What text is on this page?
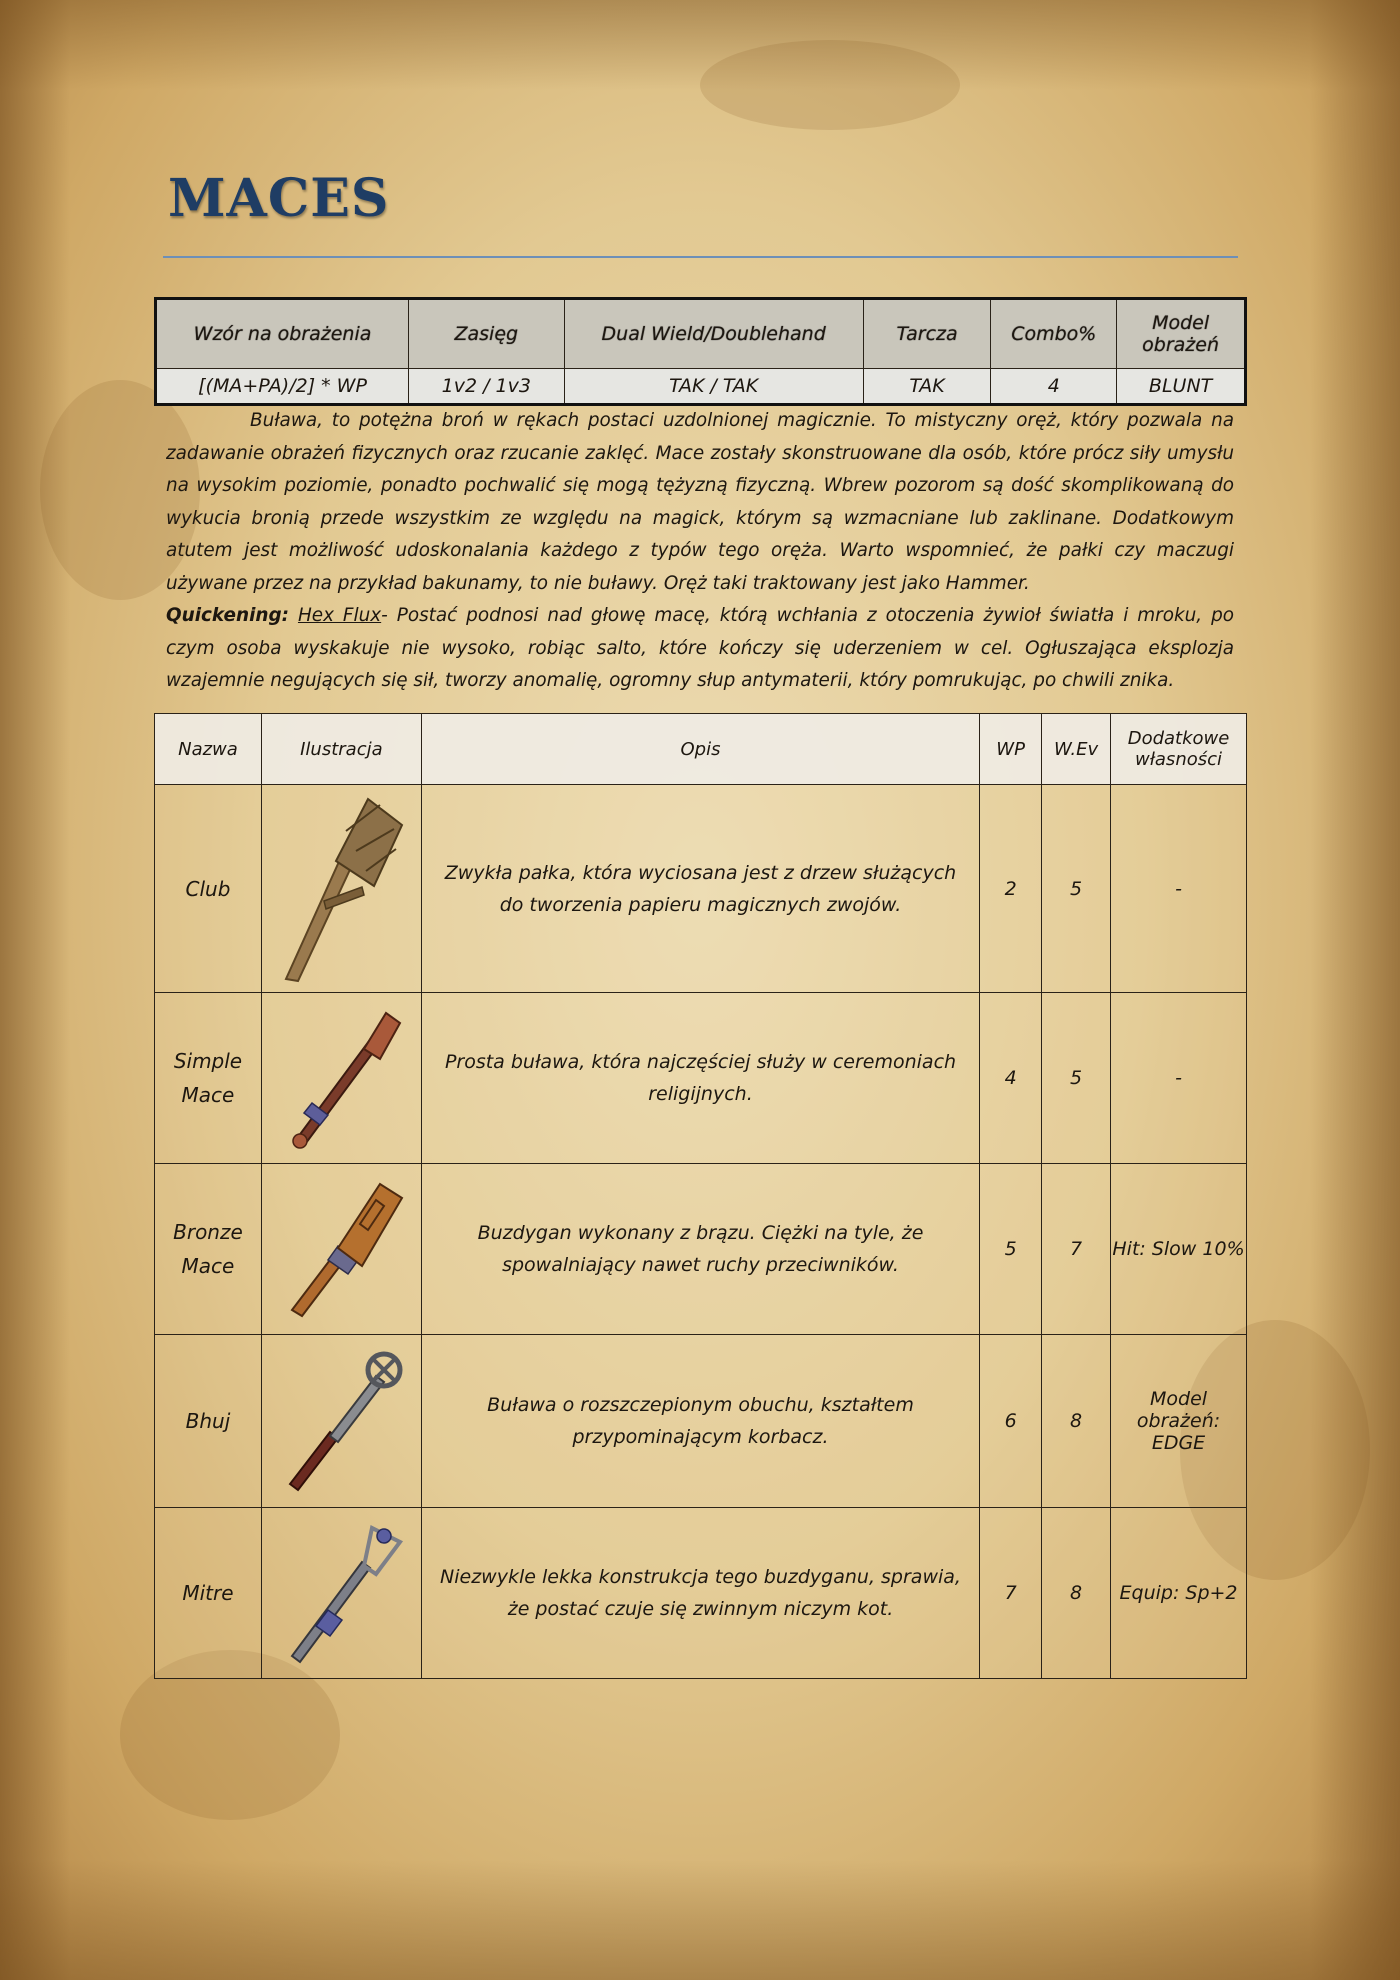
MACES
Wzór na obrażenia	Zasięg	Dual Wield/Doublehand	Tarcza	Combo%	Model obrażeń
[(MA+PA)/2] * WP	1v2 / 1v3	TAK / TAK	TAK	4	BLUNT

Buława, to potężna broń w rękach postaci uzdolnionej magicznie. To mistyczny oręż, który pozwala na zadawanie obrażeń fizycznych oraz rzucanie zaklęć. Mace zostały skonstruowane dla osób, które prócz siły umysłu na wysokim poziomie, ponadto pochwalić się mogą tężyzną fizyczną. Wbrew pozorom są dość skomplikowaną do wykucia bronią przede wszystkim ze względu na magick, którym są wzmacniane lub zaklinane. Dodatkowym atutem jest możliwość udoskonalania każdego z typów tego oręża. Warto wspomnieć, że pałki czy maczugi używane przez na przykład bakunamy, to nie buławy. Oręż taki traktowany jest jako Hammer.

Quickening: Hex Flux- Postać podnosi nad głowę macę, którą wchłania z otoczenia żywioł światła i mroku, po czym osoba wyskakuje nie wysoko, robiąc salto, które kończy się uderzeniem w cel. Ogłuszająca eksplozja wzajemnie negujących się sił, tworzy anomalię, ogromny słup antymaterii, który pomrukując, po chwili znika.
Nazwa	Ilustracja	Opis	WP	W.Ev	Dodatkowe własności
Club		Zwykła pałka, która wyciosana jest z drzew służących do tworzenia papieru magicznych zwojów.	2	5	-
Simple Mace		Prosta buława, która najczęściej służy w ceremoniach religijnych.	4	5	-
Bronze Mace		Buzdygan wykonany z brązu. Ciężki na tyle, że spowalniający nawet ruchy przeciwników.	5	7	Hit: Slow 10%
Bhuj		Buława o rozszczepionym obuchu, kształtem przypominającym korbacz.	6	8	Model obrażeń: EDGE
Mitre		Niezwykle lekka konstrukcja tego buzdyganu, sprawia, że postać czuje się zwinnym niczym kot.	7	8	Equip: Sp+2
